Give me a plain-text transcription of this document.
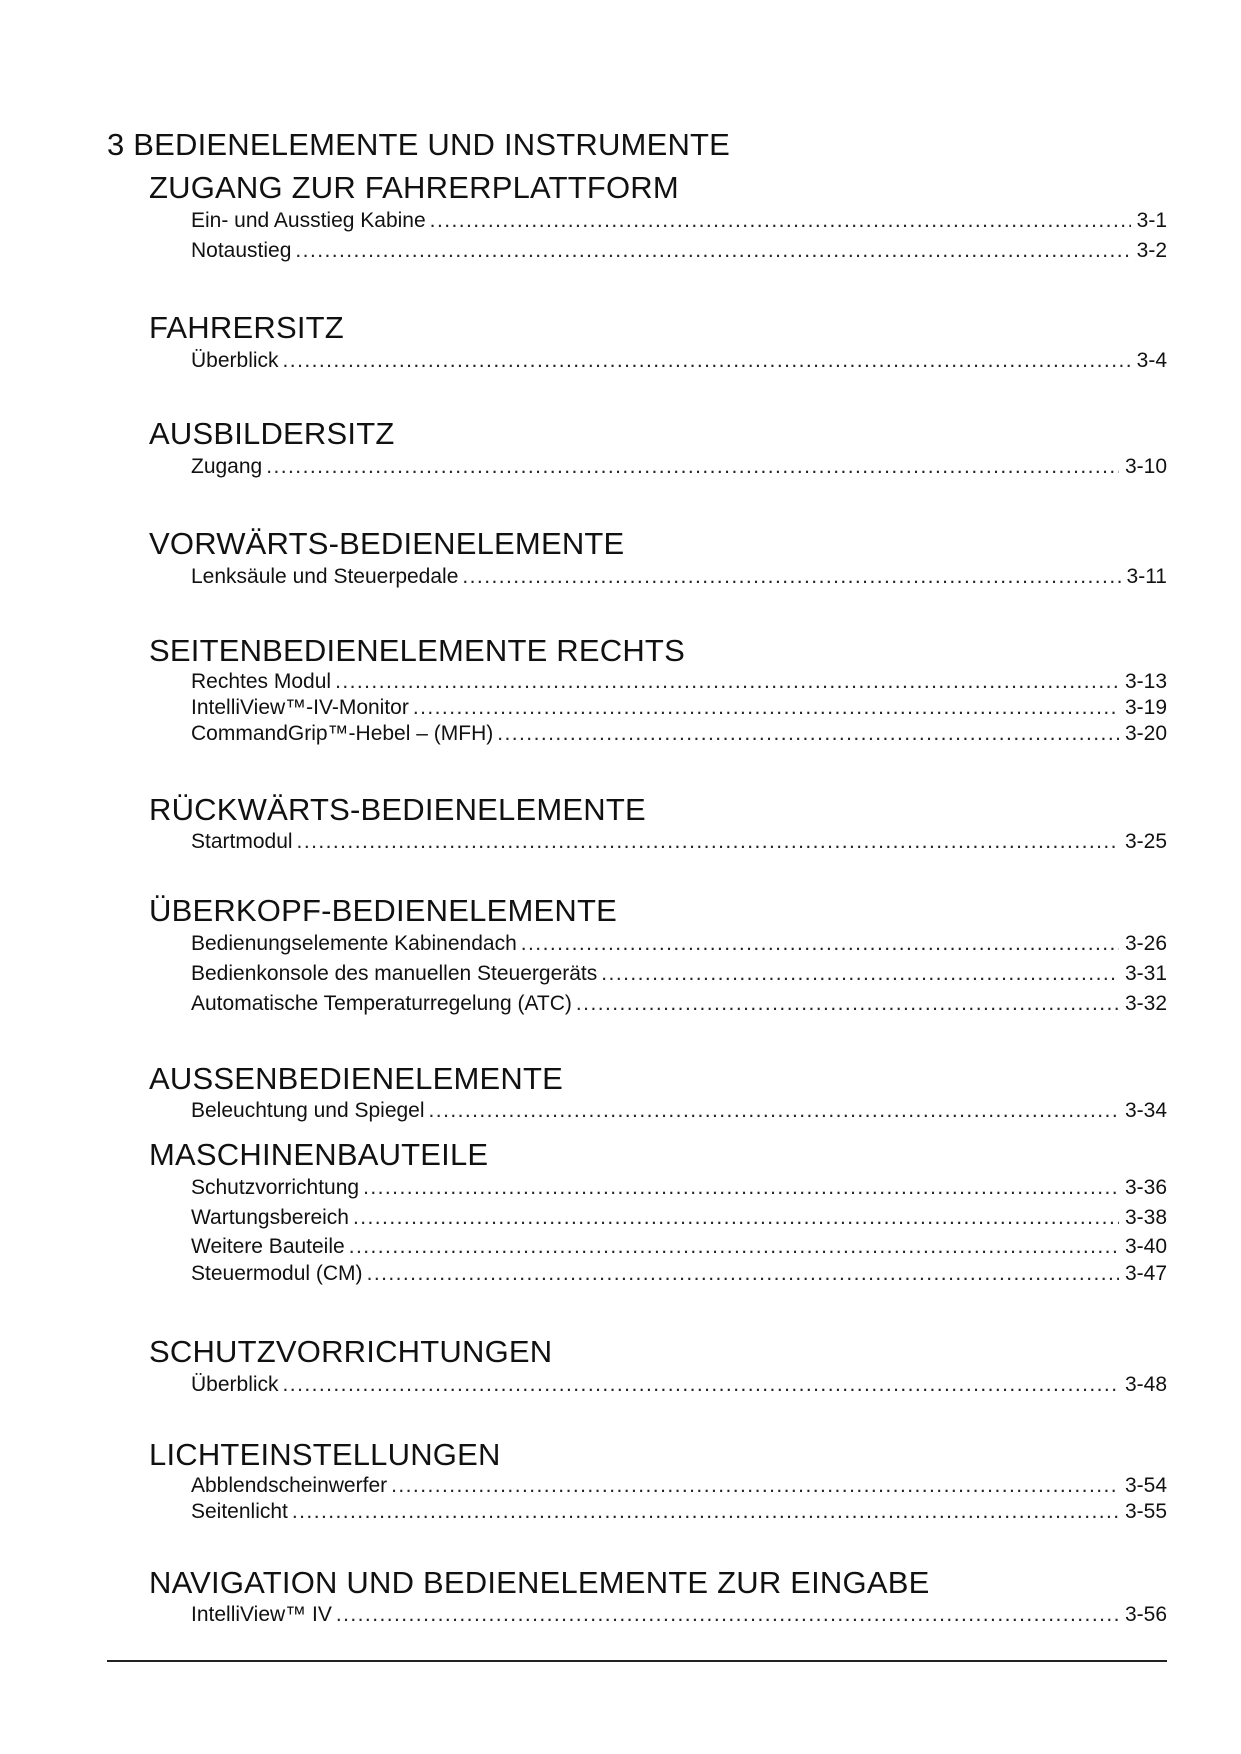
3 BEDIENELEMENTE UND INSTRUMENTE
ZUGANG ZUR FAHRERPLATTFORM
Ein- und Ausstieg Kabine . . .	3-1
Notaustieg . . .	3-2
FAHRERSITZ
Überblick . . .	3-4
AUSBILDERSITZ
Zugang . . .	3-10
VORWÄRTS-BEDIENELEMENTE
Lenksäule und Steuerpedale . . .	3-11
SEITENBEDIENELEMENTE RECHTS
Rechtes Modul . . .	3-13
IntelliView™-IV-Monitor . . .	3-19
CommandGrip™-Hebel – (MFH) . . .	3-20
RÜCKWÄRTS-BEDIENELEMENTE
Startmodul . . .	3-25
ÜBERKOPF-BEDIENELEMENTE
Bedienungselemente Kabinendach . . .	3-26
Bedienkonsole des manuellen Steuergeräts . . .	3-31
Automatische Temperaturregelung (ATC) . . .	3-32
AUSSENBEDIENELEMENTE
Beleuchtung und Spiegel . . .	3-34
MASCHINENBAUTEILE
Schutzvorrichtung . . .	3-36
Wartungsbereich . . .	3-38
Weitere Bauteile . . .	3-40
Steuermodul (CM) . . .	3-47
SCHUTZVORRICHTUNGEN
Überblick . . .	3-48
LICHTEINSTELLUNGEN
Abblendscheinwerfer . . .	3-54
Seitenlicht . . .	3-55
NAVIGATION UND BEDIENELEMENTE ZUR EINGABE
IntelliView™ IV . . .	3-56
